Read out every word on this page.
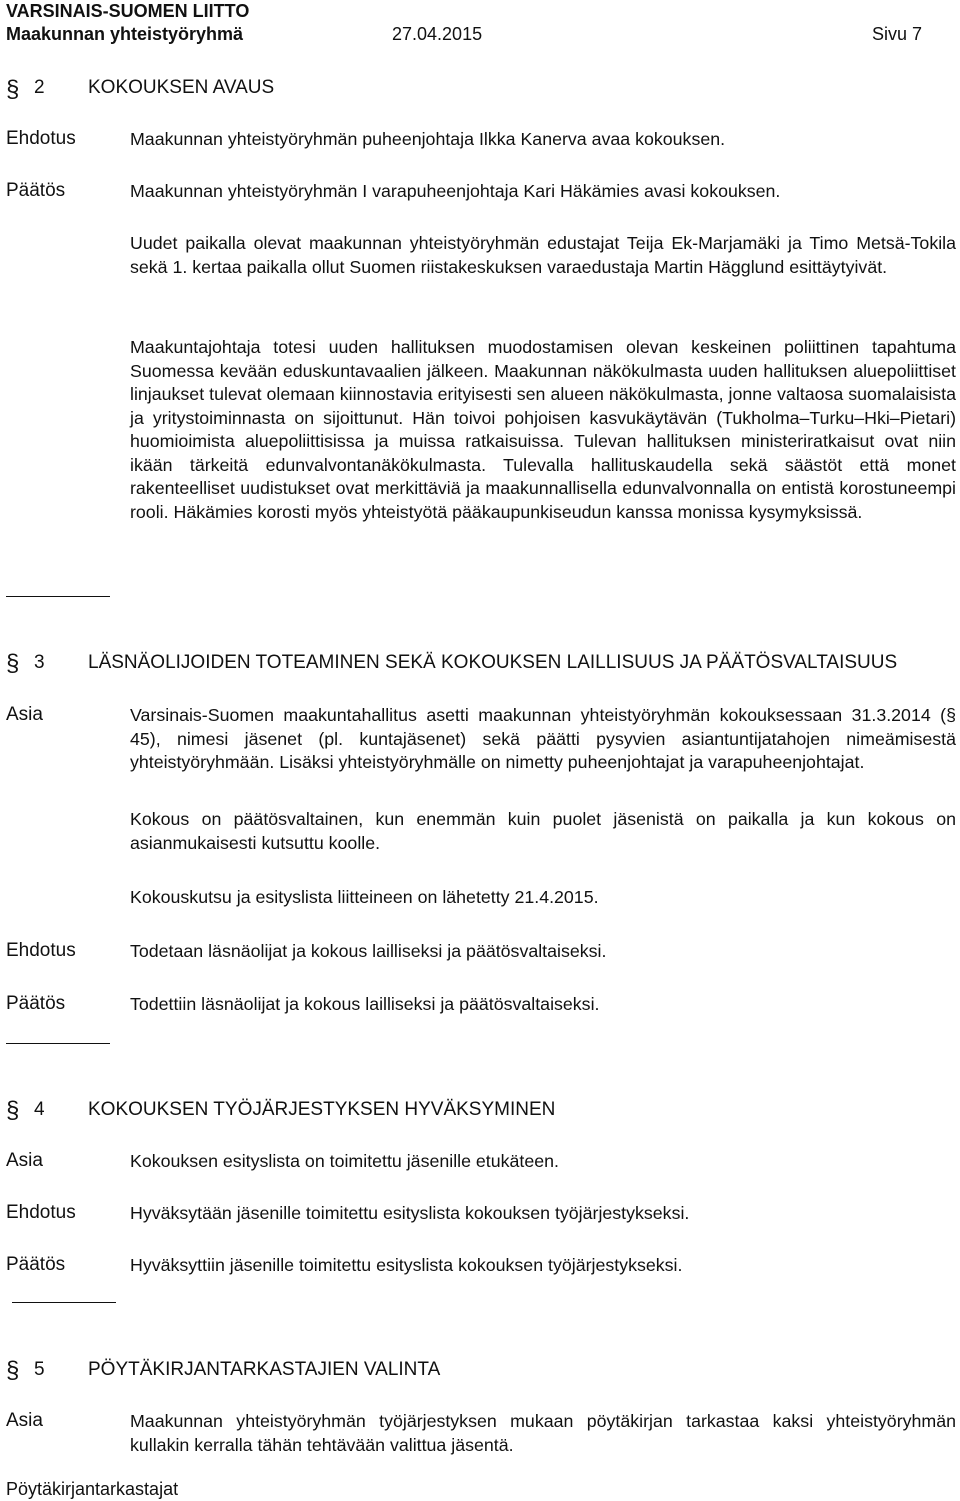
VARSINAIS-SUOMEN LIITTO
Maakunnan yhteistyöryhmä	27.04.2015	Sivu 7
§ 2 KOKOUKSEN AVAUS
Ehdotus	Maakunnan yhteistyöryhmän puheenjohtaja Ilkka Kanerva avaa kokouksen.
Päätös	Maakunnan yhteistyöryhmän I varapuheenjohtaja Kari Häkämies avasi kokouksen.
Uudet paikalla olevat maakunnan yhteistyöryhmän edustajat Teija Ek-Marjamäki ja Timo Metsä-Tokila sekä 1. kertaa paikalla ollut Suomen riistakeskuksen varaedustaja Martin Hägglund esittäytyivät.
Maakuntajohtaja totesi uuden hallituksen muodostamisen olevan keskeinen poliittinen tapahtuma Suomessa kevään eduskuntavaalien jälkeen. Maakunnan näkökulmasta uuden hallituksen aluepoliittiset linjaukset tulevat olemaan kiinnostavia erityisesti sen alueen näkökulmasta, jonne valtaosa suomalaisista ja yritystoiminnasta on sijoittunut. Hän toivoi pohjoisen kasvukäytävän (Tukholma–Turku–Hki–Pietari) huomioimista aluepoliittisissa ja muissa ratkaisuissa. Tulevan hallituksen ministeriratkaisut ovat niin ikään tärkeitä edunvalvontanäkökulmasta. Tulevalla hallituskaudella sekä säästöt että monet rakenteelliset uudistukset ovat merkittäviä ja maakunnallisella edunvalvonnalla on entistä korostuneempi rooli. Häkämies korosti myös yhteistyötä pääkaupunkiseudun kanssa monissa kysymyksissä.
§ 3 LÄSNÄOLIJOIDEN TOTEAMINEN SEKÄ KOKOUKSEN LAILLISUUS JA PÄÄTÖSVALTAISUUS
Asia	Varsinais-Suomen maakuntahallitus asetti maakunnan yhteistyöryhmän kokouksessaan 31.3.2014 (§ 45), nimesi jäsenet (pl. kuntajäsenet) sekä päätti pysyvien asiantuntijatahojen nimeämisestä yhteistyöryhmään. Lisäksi yhteistyöryhmälle on nimetty puheenjohtajat ja varapuheenjohtajat.
Kokous on päätösvaltainen, kun enemmän kuin puolet jäsenistä on paikalla ja kun kokous on asianmukaisesti kutsuttu koolle.
Kokouskutsu ja esityslista liitteineen on lähetetty 21.4.2015.
Ehdotus	Todetaan läsnäolijat ja kokous lailliseksi ja päätösvaltaiseksi.
Päätös	Todettiin läsnäolijat ja kokous lailliseksi ja päätösvaltaiseksi.
§ 4 KOKOUKSEN TYÖJÄRJESTYKSEN HYVÄKSYMINEN
Asia	Kokouksen esityslista on toimitettu jäsenille etukäteen.
Ehdotus	Hyväksytään jäsenille toimitettu esityslista kokouksen työjärjestykseksi.
Päätös	Hyväksyttiin jäsenille toimitettu esityslista kokouksen työjärjestykseksi.
§ 5 PÖYTÄKIRJANTARKASTAJIEN VALINTA
Asia	Maakunnan yhteistyöryhmän työjärjestyksen mukaan pöytäkirjan tarkastaa kaksi yhteistyöryhmän kullakin kerralla tähän tehtävään valittua jäsentä.
Pöytäkirjantarkastajat
